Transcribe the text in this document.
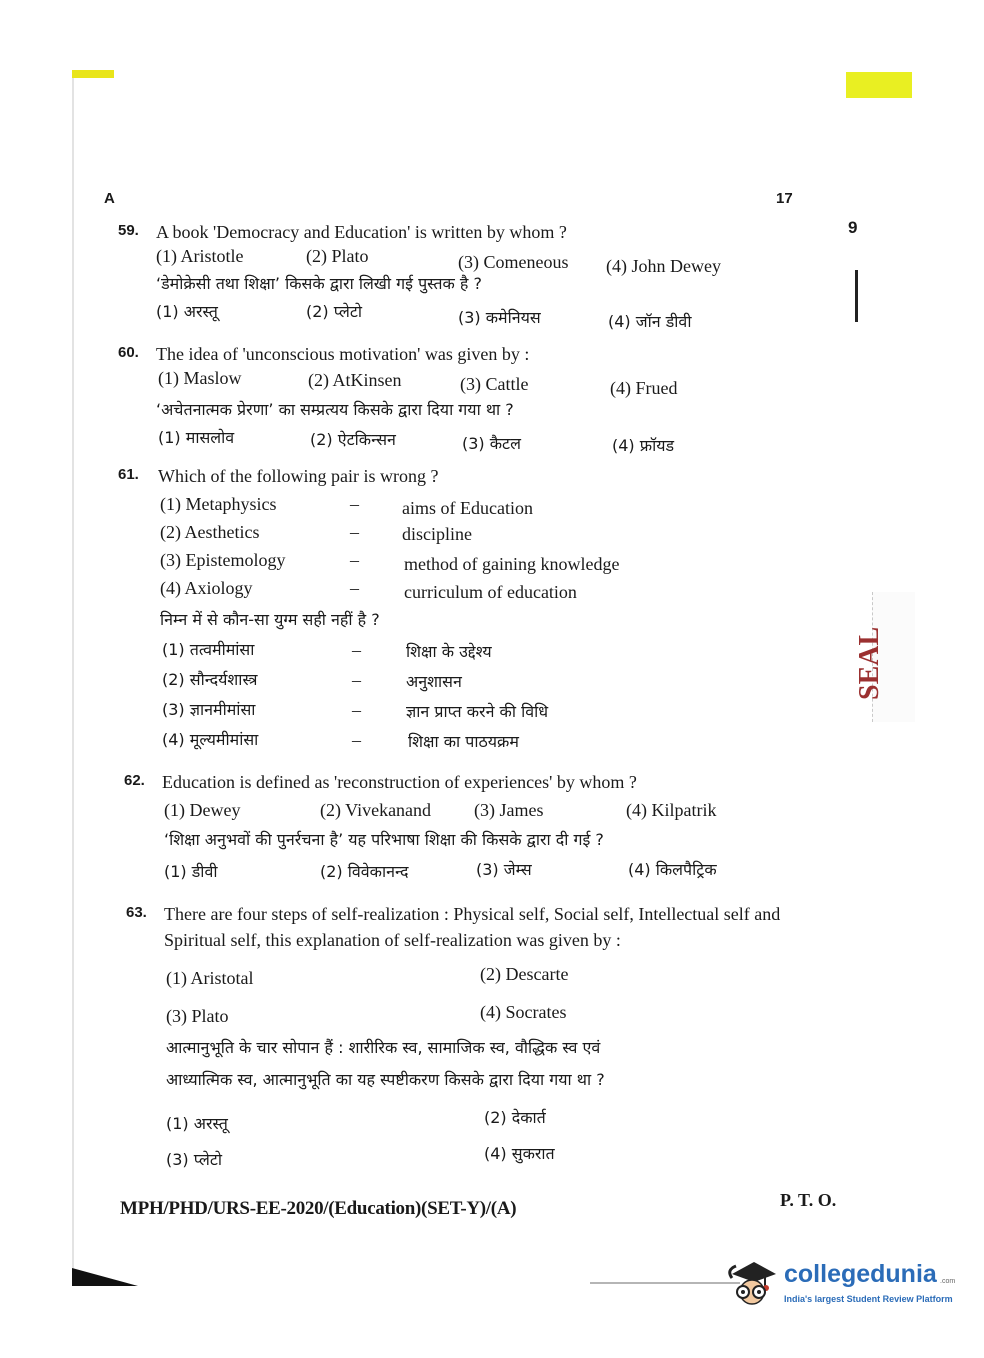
SEAL
A	17
9
59. A book 'Democracy and Education' is written by whom ?
(1) Aristotle	(2) Plato	(3) Comeneous (4) John Dewey
‘डेमोक्रेसी तथा शिक्षा’ किसके द्वारा लिखी गई पुस्तक है ?
(1) अरस्तू	(2) प्लेटो	(3) कमेनियस	(4) जॉन डीवी
60. The idea of 'unconscious motivation' was given by :
(1) Maslow	(2) AtKinsen	(3) Cattle	(4) Frued
‘अचेतनात्मक प्रेरणा’ का सम्प्रत्यय किसके द्वारा दिया गया था ?
(1) मासलोव	(2) ऐटकिन्सन	(3) कैटल	(4) फ्रॉयड
61. Which of the following pair is wrong ?
(1) Metaphysics	– aims of Education
(2) Aesthetics	– discipline
(3) Epistemology	–	method of gaining knowledge
(4) Axiology	–	curriculum of education
निम्न में से कौन-सा युग्म सही नहीं है ?
(1) तत्वमीमांसा	–	शिक्षा के उद्देश्य
(2) सौन्दर्यशास्त्र	–	अनुशासन
(3) ज्ञानमीमांसा	–	ज्ञान प्राप्त करने की विधि
(4) मूल्यमीमांसा	–	शिक्षा का पाठयक्रम
62. Education is defined as 'reconstruction of experiences' by whom ?
(1) Dewey	(2) Vivekanand (3) James	(4) Kilpatrik
‘शिक्षा अनुभवों की पुनर्रचना है’ यह परिभाषा शिक्षा की किसके द्वारा दी गई ?
(1) डीवी	(2) विवेकानन्द	(3) जेम्स	(4) किलपैट्रिक
63. There are four steps of self-realization : Physical self, Social self, Intellectual self and
Spiritual self, this explanation of self-realization was given by :
(1) Aristotal	(2) Descarte
(3) Plato	(4) Socrates
आत्मानुभूति के चार सोपान हैं : शारीरिक स्व, सामाजिक स्व, वौद्धिक स्व एवं
आध्यात्मिक स्व, आत्मानुभूति का यह स्पष्टीकरण किसके द्वारा दिया गया था ?
(1) अरस्तू	(2) देकार्त
(3) प्लेटो	(4) सुकरात
MPH/PHD/URS-EE-2020/(Education)(SET-Y)/(A)	P. T. O.
collegedunia .com
India's largest Student Review Platform
